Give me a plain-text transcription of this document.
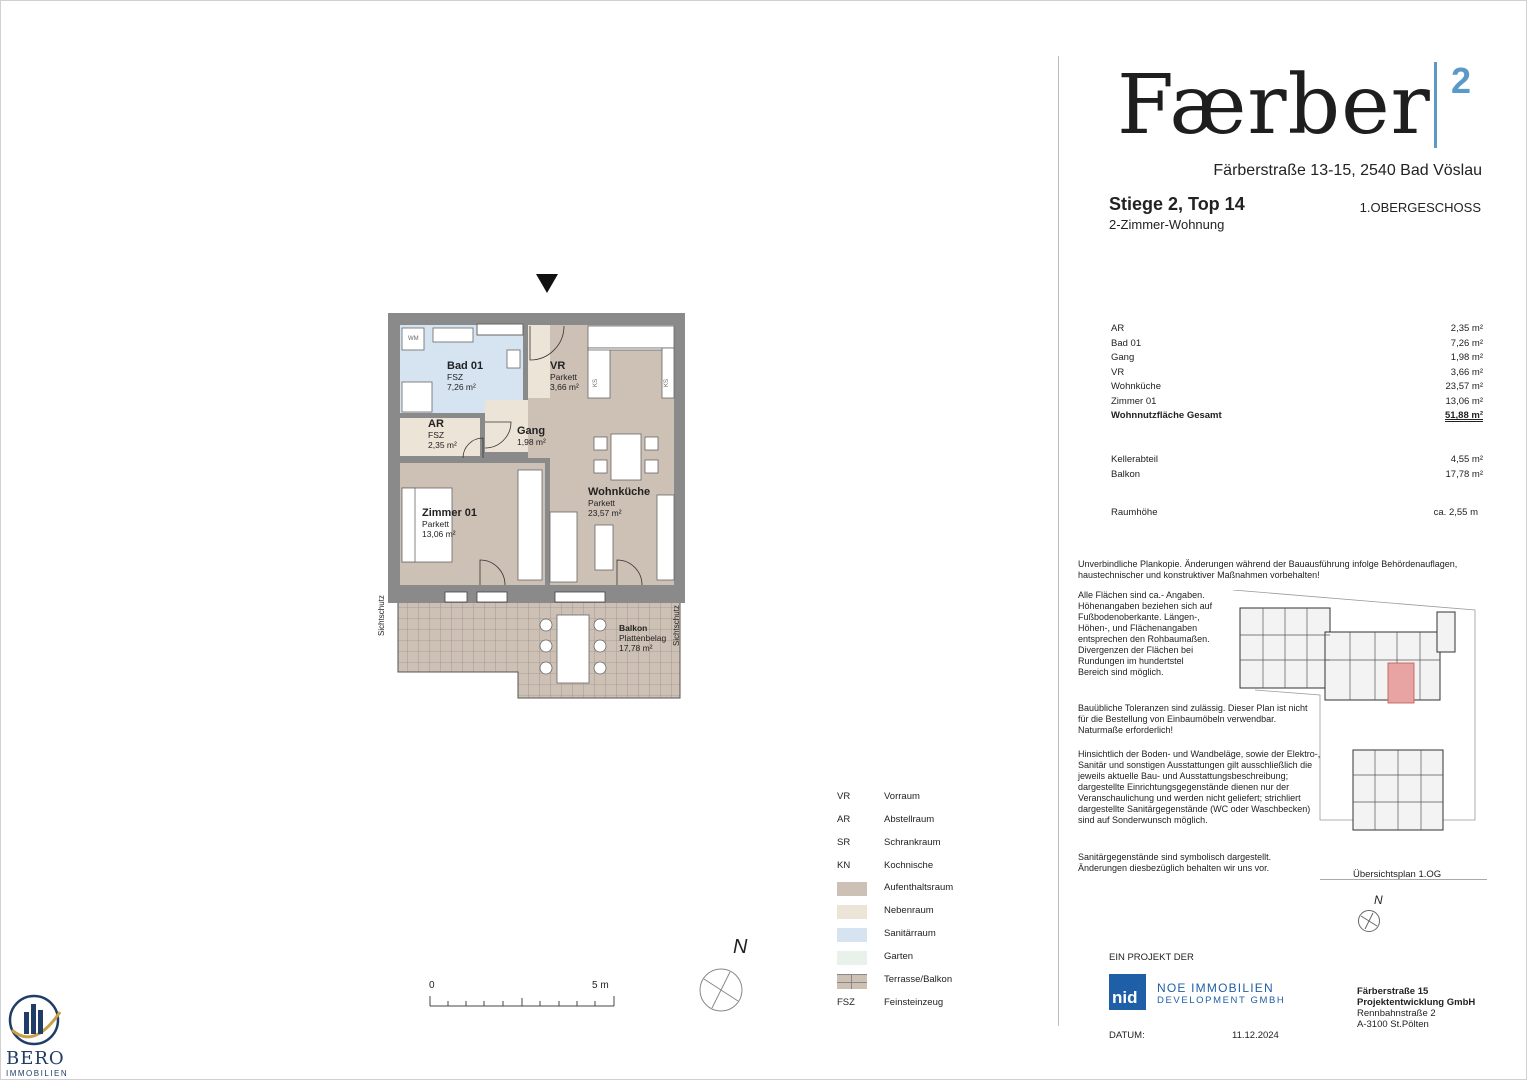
Færber 2
Färberstraße 13-15, 2540 Bad Vöslau
Stiege 2, Top 14
2-Zimmer-Wohnung
1.OBERGESCHOSS
AR	2,35 m²
Bad 01	7,26 m²
Gang	1,98 m²
VR	3,66 m²
Wohnküche	23,57 m²
Zimmer 01	13,06 m²
Wohnnutzfläche Gesamt	51,88 m²
Kellerabteil	4,55 m²
Balkon	17,78 m²
Raumhöhe	ca. 2,55 m
Unverbindliche Plankopie. Änderungen während der Bauausführung infolge Behördenauflagen, haustechnischer und konstruktiver Maßnahmen vorbehalten!
Alle Flächen sind ca.- Angaben. Höhenangaben beziehen sich auf Fußbodenoberkante. Längen-, Höhen-, und Flächenangaben entsprechen den Rohbaumaßen. Divergenzen der Flächen bei Rundungen im hundertstel Bereich sind möglich.
Bauübliche Toleranzen sind zulässig. Dieser Plan ist nicht für die Bestellung von Einbaumöbeln verwendbar. Naturmaße erforderlich!
Hinsichtlich der Boden- und Wandbeläge, sowie der Elektro-, Sanitär und sonstigen Ausstattungen gilt ausschließlich die jeweils aktuelle Bau- und Ausstattungsbeschreibung; dargestellte Einrichtungsgegenstände dienen nur der Veranschaulichung und werden nicht geliefert; strichliert dargestellte Sanitärgegenstände (WC oder Waschbecken) sind auf Sonderwunsch möglich.
Sanitärgegenstände sind symbolisch dargestellt. Änderungen diesbezüglich behalten wir uns vor.
Übersichtsplan 1.OG
N
EIN PROJEKT DER
nid NOE IMMOBILIEN
DEVELOPMENT GMBH
Färberstraße 15
Projektentwicklung GmbH
Rennbahnstraße 2
A-3100 St.Pölten
DATUM:	11.12.2024
VR	Vorraum
AR	Abstellraum
SR	Schrankraum
KN	Kochnische
Aufenthaltsraum
Nebenraum
Sanitärraum
Garten
Terrasse/Balkon
FSZ	Feinsteinzeug
0	5 m
N
BERO
IMMOBILIEN
Bad 01
FSZ
7,26 m²
VR
Parkett
3,66 m²
AR
FSZ
2,35 m²
Gang
1,98 m²
Wohnküche
Parkett
23,57 m²
Zimmer 01
Parkett
13,06 m²
Balkon
Plattenbelag
17,78 m²
WM
KS	KS
Sichtschutz	Sichtschutz
